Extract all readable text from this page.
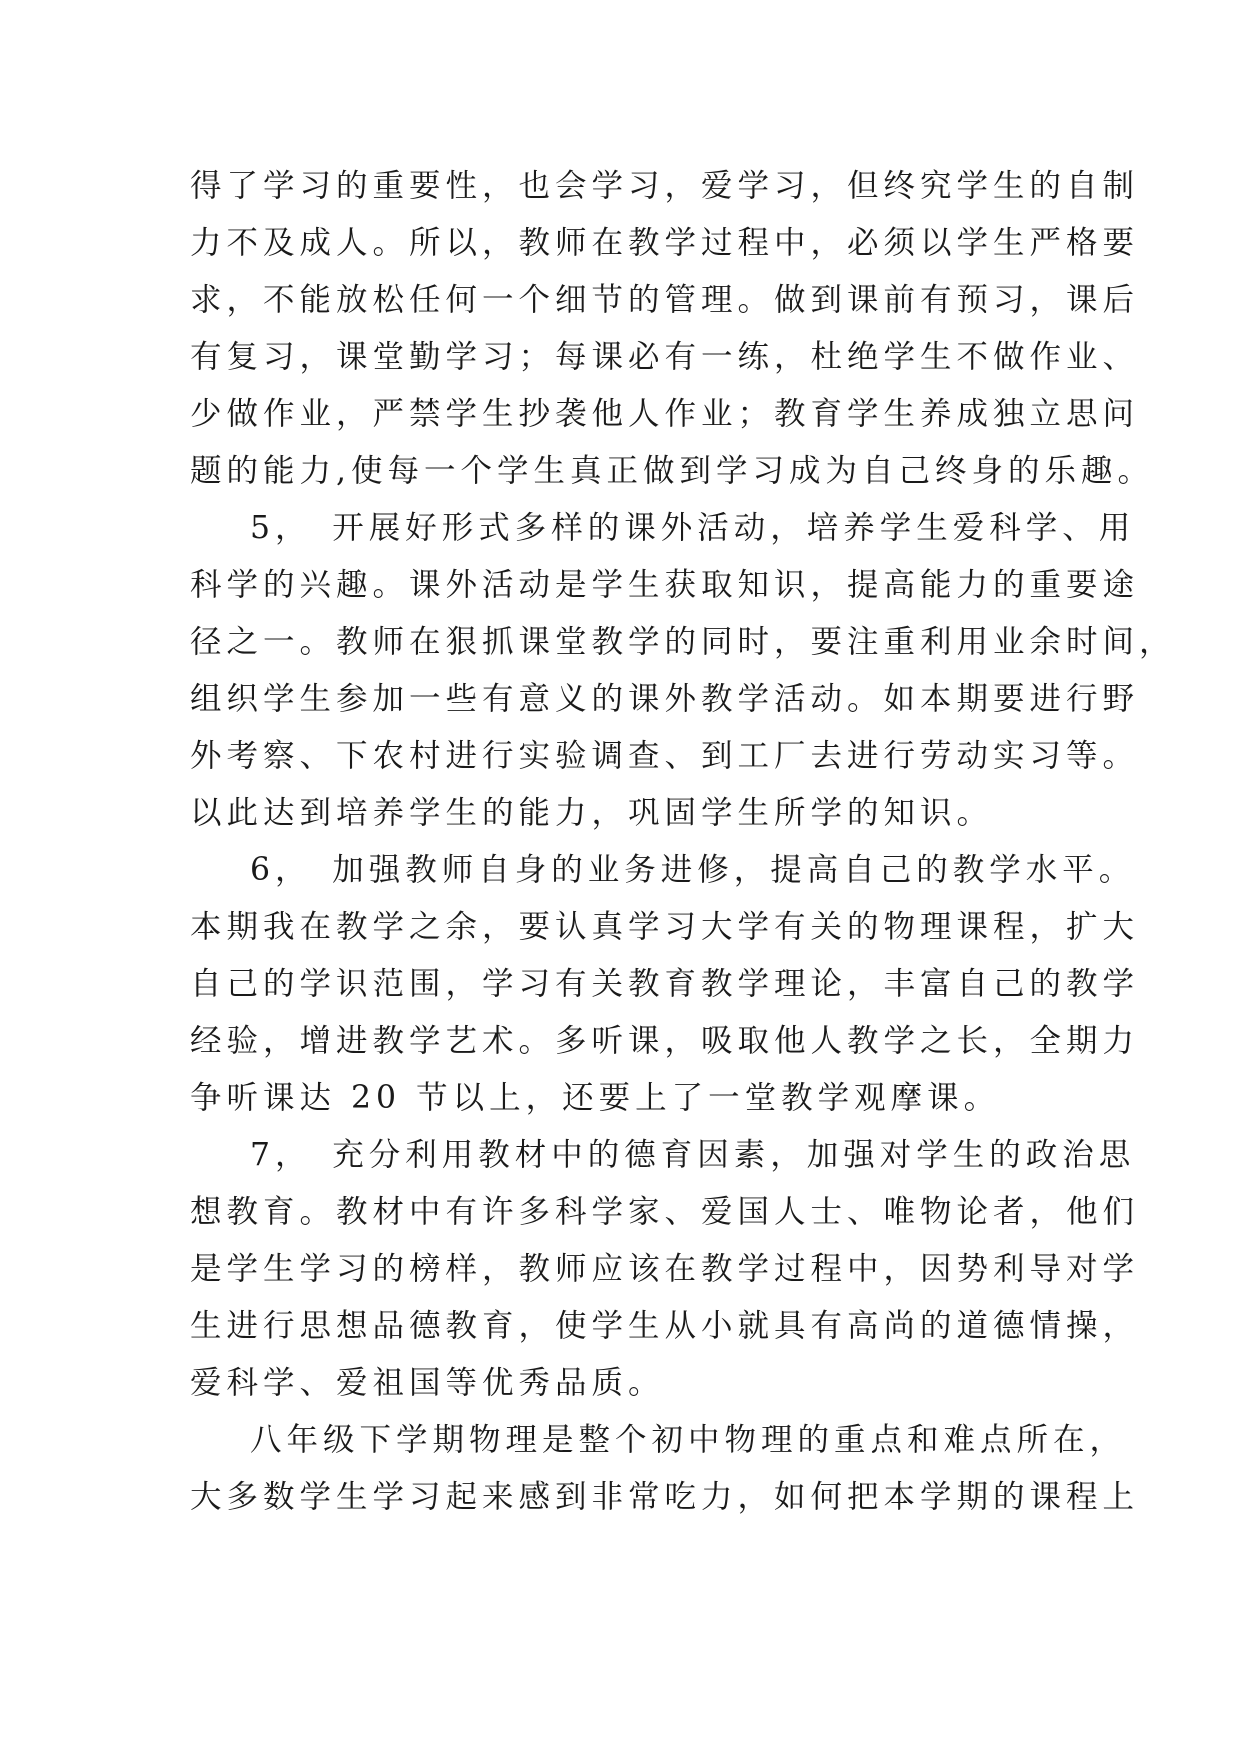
得了学习的重要性，也会学习，爱学习，但终究学生的自制
力不及成人。所以，教师在教学过程中，必须以学生严格要
求，不能放松任何一个细节的管理。做到课前有预习，课后
有复习，课堂勤学习；每课必有一练，杜绝学生不做作业、
少做作业，严禁学生抄袭他人作业；教育学生养成独立思问
题的能力,使每一个学生真正做到学习成为自己终身的乐趣。
5，　开展好形式多样的课外活动，培养学生爱科学、用
科学的兴趣。课外活动是学生获取知识，提高能力的重要途
径之一。教师在狠抓课堂教学的同时，要注重利用业余时间，
组织学生参加一些有意义的课外教学活动。如本期要进行野
外考察、下农村进行实验调查、到工厂去进行劳动实习等。
以此达到培养学生的能力，巩固学生所学的知识。
6，　加强教师自身的业务进修，提高自己的教学水平。
本期我在教学之余，要认真学习大学有关的物理课程，扩大
自己的学识范围，学习有关教育教学理论，丰富自己的教学
经验，增进教学艺术。多听课，吸取他人教学之长，全期力
争听课达 20 节以上，还要上了一堂教学观摩课。
7，　充分利用教材中的德育因素，加强对学生的政治思
想教育。教材中有许多科学家、爱国人士、唯物论者，他们
是学生学习的榜样，教师应该在教学过程中，因势利导对学
生进行思想品德教育，使学生从小就具有高尚的道德情操，
爱科学、爱祖国等优秀品质。
八年级下学期物理是整个初中物理的重点和难点所在，
大多数学生学习起来感到非常吃力，如何把本学期的课程上
